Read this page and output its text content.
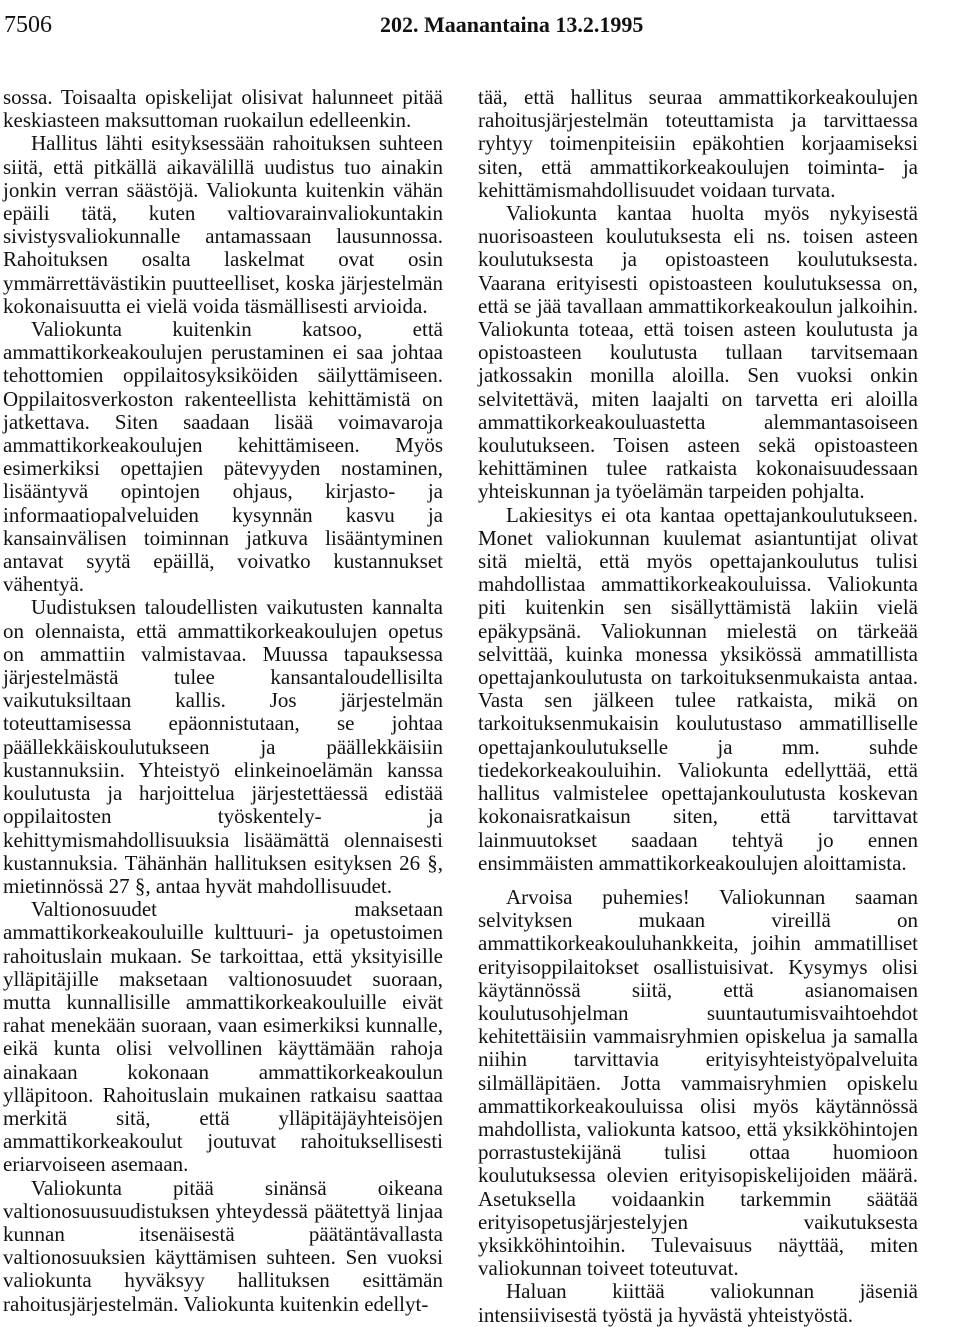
7506	202. Maanantaina 13.2.1995

sossa. Toisaalta opiskelijat olisivat halunneet pitää keskiasteen maksuttoman ruokailun edelleenkin.

Hallitus lähti esityksessään rahoituksen suhteen siitä, että pitkällä aikavälillä uudistus tuo ainakin jonkin verran säästöjä. Valiokunta kuitenkin vähän epäili tätä, kuten valtiovarainvaliokuntakin sivistysvaliokunnalle antamassaan lausunnossa. Rahoituksen osalta laskelmat ovat osin ymmärrettävästikin puutteelliset, koska järjestelmän kokonaisuutta ei vielä voida täsmällisesti arvioida.

Valiokunta kuitenkin katsoo, että ammattikorkeakoulujen perustaminen ei saa johtaa tehottomien oppilaitosyksiköiden säilyttämiseen. Oppilaitosverkoston rakenteellista kehittämistä on jatkettava. Siten saadaan lisää voimavaroja ammattikorkeakoulujen kehittämiseen. Myös esimerkiksi opettajien pätevyyden nostaminen, lisääntyvä opintojen ohjaus, kirjasto- ja informaatiopalveluiden kysynnän kasvu ja kansainvälisen toiminnan jatkuva lisääntyminen antavat syytä epäillä, voivatko kustannukset vähentyä.

Uudistuksen taloudellisten vaikutusten kannalta on olennaista, että ammattikorkeakoulujen opetus on ammattiin valmistavaa. Muussa tapauksessa järjestelmästä tulee kansantaloudellisilta vaikutuksiltaan kallis. Jos järjestelmän toteuttamisessa epäonnistutaan, se johtaa päällekkäiskoulutukseen ja päällekkäisiin kustannuksiin. Yhteistyö elinkeinoelämän kanssa koulutusta ja harjoittelua järjestettäessä edistää oppilaitosten työskentely- ja kehittymismahdollisuuksia lisäämättä olennaisesti kustannuksia. Tähänhän hallituksen esityksen 26 §, mietinnössä 27 §, antaa hyvät mahdollisuudet.

Valtionosuudet maksetaan ammattikorkeakouluille kulttuuri- ja opetustoimen rahoituslain mukaan. Se tarkoittaa, että yksityisille ylläpitäjille maksetaan valtionosuudet suoraan, mutta kunnallisille ammattikorkeakouluille eivät rahat menekään suoraan, vaan esimerkiksi kunnalle, eikä kunta olisi velvollinen käyttämään rahoja ainakaan kokonaan ammattikorkeakoulun ylläpitoon. Rahoituslain mukainen ratkaisu saattaa merkitä sitä, että ylläpitäjäyhteisöjen ammattikorkeakoulut joutuvat rahoituksellisesti eriarvoiseen asemaan.

Valiokunta pitää sinänsä oikeana valtionosuusuudistuksen yhteydessä päätettyä linjaa kunnan itsenäisestä päätäntävallasta valtionosuuksien käyttämisen suhteen. Sen vuoksi valiokunta hyväksyy hallituksen esittämän rahoitusjärjestelmän. Valiokunta kuitenkin edellyt-

tää, että hallitus seuraa ammattikorkeakoulujen rahoitusjärjestelmän toteuttamista ja tarvittaessa ryhtyy toimenpiteisiin epäkohtien korjaamiseksi siten, että ammattikorkeakoulujen toiminta- ja kehittämismahdollisuudet voidaan turvata.

Valiokunta kantaa huolta myös nykyisestä nuorisoasteen koulutuksesta eli ns. toisen asteen koulutuksesta ja opistoasteen koulutuksesta. Vaarana erityisesti opistoasteen koulutuksessa on, että se jää tavallaan ammattikorkeakoulun jalkoihin. Valiokunta toteaa, että toisen asteen koulutusta ja opistoasteen koulutusta tullaan tarvitsemaan jatkossakin monilla aloilla. Sen vuoksi onkin selvitettävä, miten laajalti on tarvetta eri aloilla ammattikorkeakouluastetta alemmantasoiseen koulutukseen. Toisen asteen sekä opistoasteen kehittäminen tulee ratkaista kokonaisuudessaan yhteiskunnan ja työelämän tarpeiden pohjalta.

Lakiesitys ei ota kantaa opettajankoulutukseen. Monet valiokunnan kuulemat asiantuntijat olivat sitä mieltä, että myös opettajankoulutus tulisi mahdollistaa ammattikorkeakouluissa. Valiokunta piti kuitenkin sen sisällyttämistä lakiin vielä epäkypsänä. Valiokunnan mielestä on tärkeää selvittää, kuinka monessa yksikössä ammatillista opettajankoulutusta on tarkoituksenmukaista antaa. Vasta sen jälkeen tulee ratkaista, mikä on tarkoituksenmukaisin koulutustaso ammatilliselle opettajankoulutukselle ja mm. suhde tiedekorkeakouluihin. Valiokunta edellyttää, että hallitus valmistelee opettajankoulutusta koskevan kokonaisratkaisun siten, että tarvittavat lainmuutokset saadaan tehtyä jo ennen ensimmäisten ammattikorkeakoulujen aloittamista.

Arvoisa puhemies! Valiokunnan saaman selvityksen mukaan vireillä on ammattikorkeakouluhankkeita, joihin ammatilliset erityisoppilaitokset osallistuisivat. Kysymys olisi käytännössä siitä, että asianomaisen koulutusohjelman suuntautumisvaihtoehdot kehitettäisiin vammaisryhmien opiskelua ja samalla niihin tarvittavia erityisyhteistyöpalveluita silmälläpitäen. Jotta vammaisryhmien opiskelu ammattikorkeakouluissa olisi myös käytännössä mahdollista, valiokunta katsoo, että yksikköhintojen porrastustekijänä tulisi ottaa huomioon koulutuksessa olevien erityisopiskelijoiden määrä. Asetuksella voidaankin tarkemmin säätää erityisopetusjärjestelyjen vaikutuksesta yksikköhintoihin. Tulevaisuus näyttää, miten valiokunnan toiveet toteutuvat.

Haluan kiittää valiokunnan jäseniä intensiivisestä työstä ja hyvästä yhteistyöstä.
